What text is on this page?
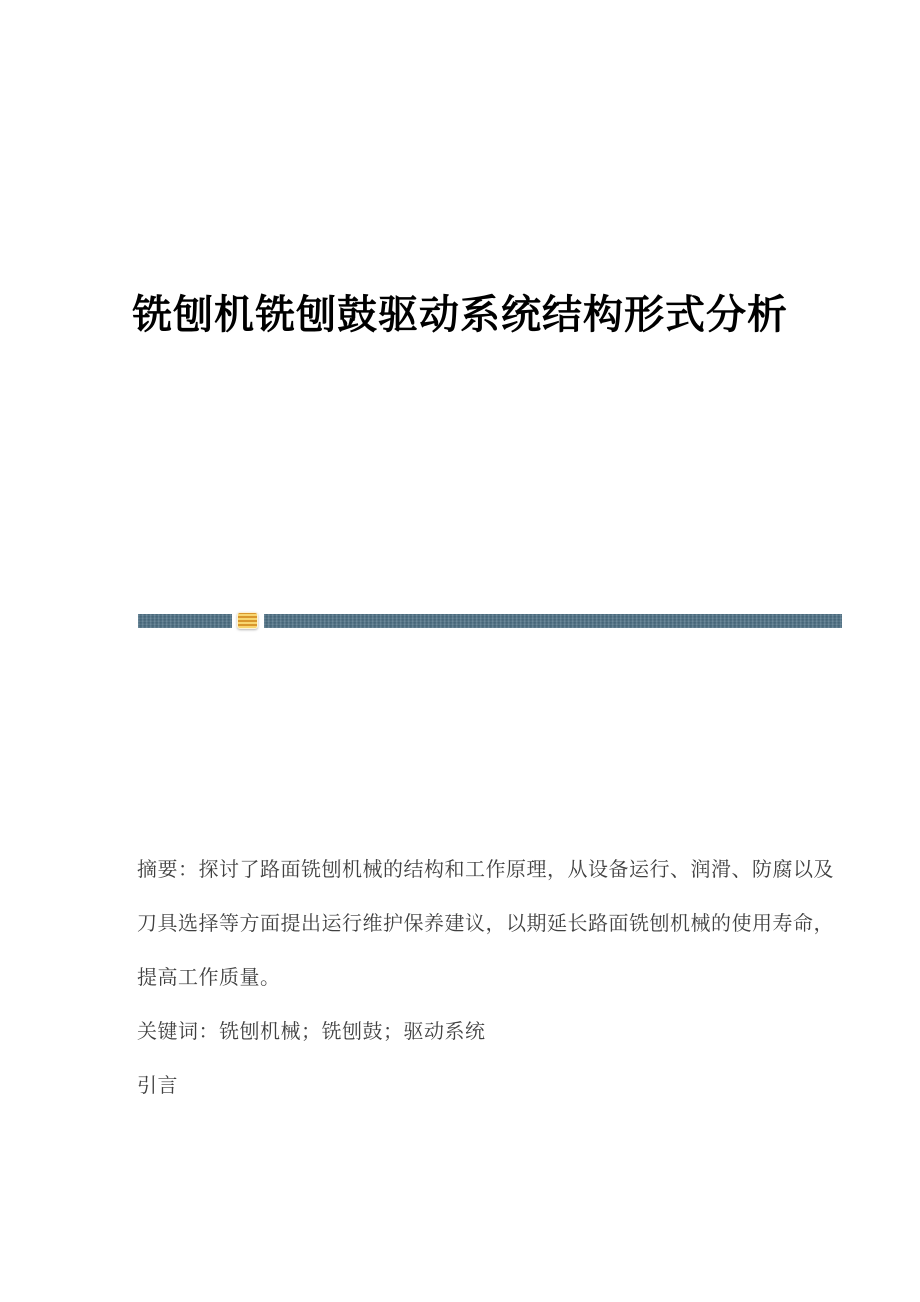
铣刨机铣刨鼓驱动系统结构形式分析
摘要：探讨了路面铣刨机械的结构和工作原理，从设备运行、润滑、防腐以及
刀具选择等方面提出运行维护保养建议，以期延长路面铣刨机械的使用寿命，
提高工作质量。
关键词：铣刨机械；铣刨鼓；驱动系统
引言
